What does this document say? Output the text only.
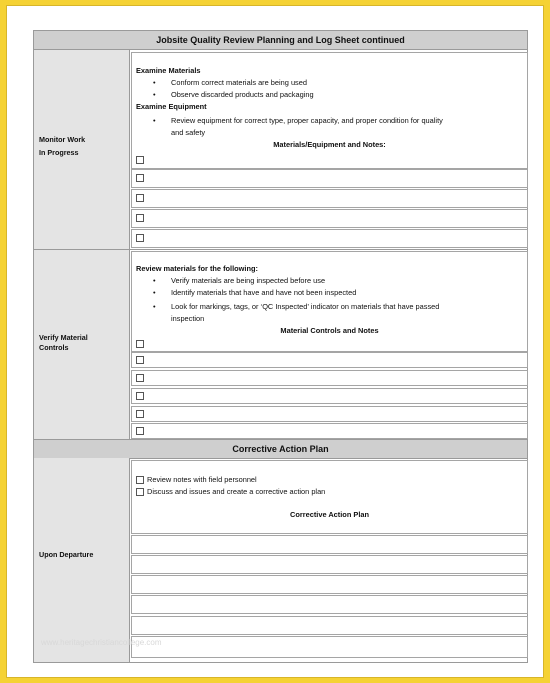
Jobsite Quality Review Planning and Log Sheet continued
Monitor Work
In Progress
Examine Materials
• Conform correct materials are being used
• Observe discarded products and packaging
Examine Equipment
• Review equipment for correct type, proper capacity, and proper condition for quality
and safety
Materials/Equipment and Notes:
Verify Material
Controls
Review materials for the following:
• Verify materials are being inspected before use
• Identify materials that have and have not been inspected
• Look for markings, tags, or ‘QC Inspected’ indicator on materials that have passed
inspection
Material Controls and Notes
Corrective Action Plan
Upon Departure
Review notes with field personnel
Discuss and issues and create a corrective action plan
Corrective Action Plan
www.heritagechristiancollege.com
